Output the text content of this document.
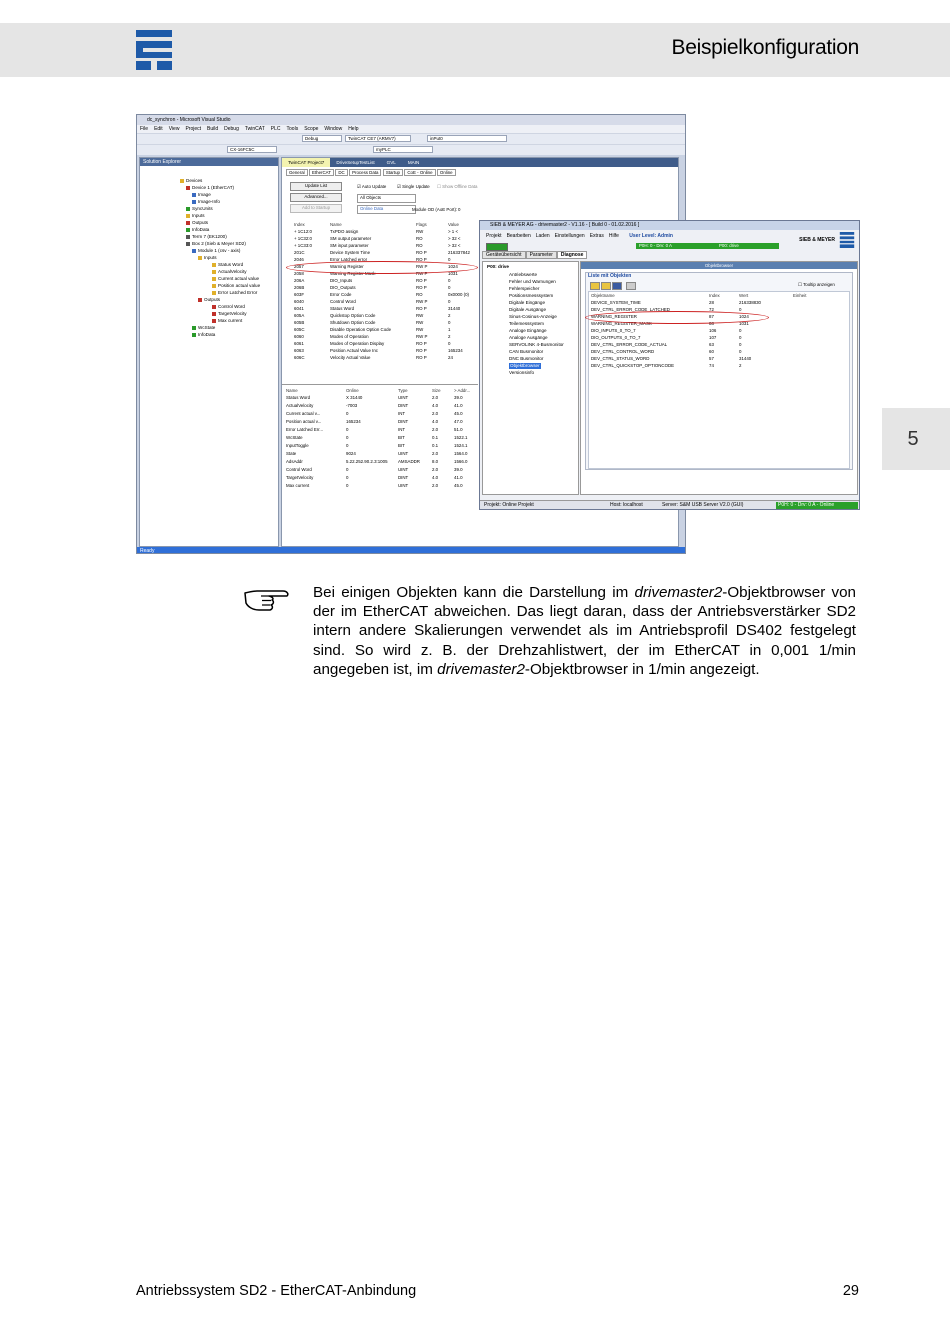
Beispielkonfiguration
5
dc_synchron - Microsoft Visual Studio
File Edit View Project Build Debug TwinCAT PLC Tools Scope Window Help
Debug	TwinCAT CE7 (ARMV7)	inPut0
CX-16FC5C	myPLC
Solution Explorer
Devices
Device 1 (EtherCAT)
Image
Image-Info
SyncUnits
Inputs
Outputs
InfoData
Term 7 (EK1200)
Box 2 (Sieb & Meyer SD2)
Module 1 (csv - axis)
Inputs
Status Word
ActualVelocity
Current actual value
Position actual value
Error Latched Error
Outputs
Control Word
TargetVelocity
Max current
WcState
InfoData
TwinCAT Project7	DriveSetupTestList	GVL	MAIN
General EtherCAT DC Process Data Startup CoE - Online Online
Update List
Advanced...
Add to Startup
☑ Auto Update ☑ Single Update ☐ Show Offline Data
All Objects
Online Data	Module OD (AoE Port): 0
Index	Name	Flags	Value
+ 1C12:0	TxPDO assign	RW	> 1 <
+ 1C32:0	SM output parameter	RO	> 32 <
+ 1C33:0	SM input parameter	RO	> 32 <
201C	Device System Time	RO P	216337842
2046	Error Latched error	RO P	0
2057	Warning Register	RW P	1024
2058	Warning Register Mask	RW P	1031
206A	DIO_Inputs	RO P	0
206B	DIO_Outputs	RO P	0
603F	Error Code	RO	0x0000 (0)
6040	Control Word	RW P	0
6041	Status Word	RO P	31440
605A	Quickstop Option Code	RW	2
605B	Shutdown Option Code	RW	0
605C	Disable Operation Option Code	RW	1
6060	Modes of Operation	RW P	2
6061	Modes of Operation Display	RO P	0
6063	Position Actual Value Inc	RO P	165234
606C	Velocity Actual Value	RO P	24
Name	Online	Type	Size	> Addr...
Status Word	X 31440	UINT	2.0	39.0
ActualVelocity	-7003	DINT	4.0	41.0
Current actual v...	0	INT	2.0	45.0
Position actual v...	165234	DINT	4.0	47.0
Error Latched Err...	0	INT	2.0	51.0
WcState	0	BIT	0.1	1522.1
InputToggle	0	BIT	0.1	1524.1
State	9024	UINT	2.0	1564.0
AdsAddr	5.22.252.90.2.3:1005 AMSADDR	8.0	1566.0
Control Word	0	UINT	2.0	39.0
TargetVelocity	0	DINT	4.0	41.0
Max current	0	UINT	2.0	45.0
Ready
SIEB & MEYER AG - drivemaster2 - V1.16 - [ Build 0 - 01.02.2016 ]
Projekt Bearbeiten Laden Einstellungen Extras Hilfe User Level: Admin
SIEB & MEYER
P0H: 0 - Drv: 0 A	P00: drive
Geräteübersicht Parameter Diagnose
P00: drive
Antriebswerte
Fehler und Warnungen
Fehlerspeicher
Positionsmesssystem
Digitale Eingänge
Digitale Ausgänge
Sinus-Cosinus-Anzeige
Teilemesssystem
Analoge Eingänge
Analoge Ausgänge
SERVOLINK 4-Busmonitor
CAN Busmonitor
DNC Busmonitor
Objektbrowser
Versionsinfo
Objektbrowser
Liste mit Objekten
☐ Tooltip anzeigen
Objektname	Index	Wert	Einheit
DEVICE_SYSTEM_TIME	28	216338830
DEV_CTRL_ERROR_CODE_LATCHED	72	0
WARNING_REGISTER	87	1024
WARNING_REGISTER_MASK	88	1031
DIO_INPUTS_0_TO_7	106	0
DIO_OUTPUTS_0_TO_7	107	0
DEV_CTRL_ERROR_CODE_ACTUAL	63	0
DEV_CTRL_CONTROL_WORD	60	0
DEV_CTRL_STATUS_WORD	57	31440
DEV_CTRL_QUICKSTOP_OPTIONCODE	74	2
Projekt: Online Projekt	Host: localhost	Server: S&M USB Server V2.0 (GUI)	P0H: 0 - Drv: 0 A - Online

Bei einigen Objekten kann die Darstellung im drivemaster2-Objektbrowser von der im EtherCAT abweichen. Das liegt daran, dass der Antriebsverstärker SD2 intern andere Skalierungen verwendet als im Antriebsprofil DS402 festgelegt sind. So wird z. B. der Drehzahlistwert, der im EtherCAT in 0,001 1/min angegeben ist, im drivemaster2-Objektbrowser in 1/min angezeigt.

Antriebssystem SD2 - EtherCAT-Anbindung	29
